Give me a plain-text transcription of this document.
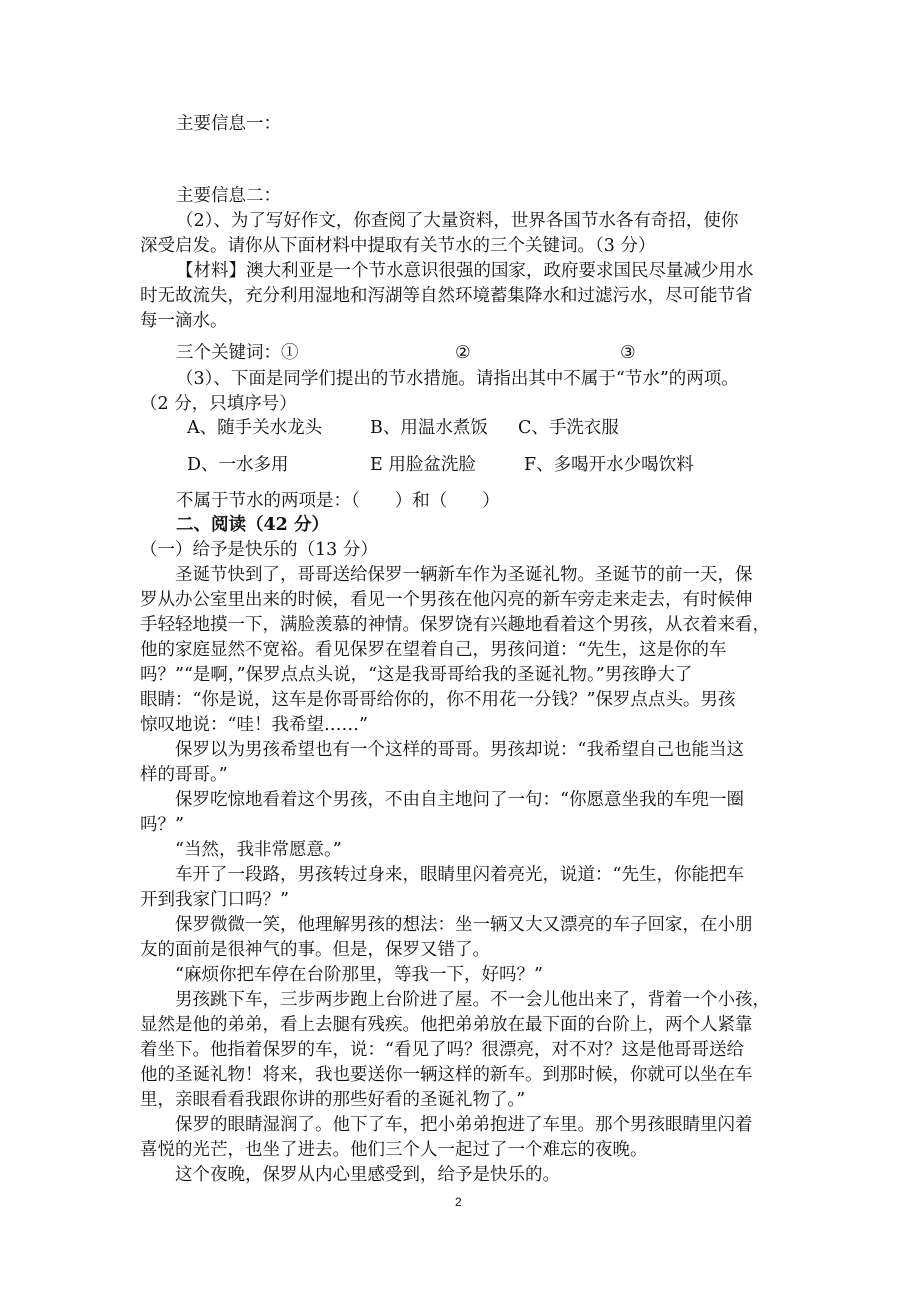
主要信息一：
主要信息二：
（2）、为了写好作文，你查阅了大量资料，世界各国节水各有奇招，使你
深受启发。请你从下面材料中提取有关节水的三个关键词。（3 分）
【材料】澳大利亚是一个节水意识很强的国家，政府要求国民尽量减少用水
时无故流失，充分利用湿地和泻湖等自然环境蓄集降水和过滤污水，尽可能节省
每一滴水。
三个关键词：①	②	③
（3）、下面是同学们提出的节水措施。请指出其中不属于“节水”的两项。
（2 分，只填序号）
A、随手关水龙头	B、用温水煮饭 C、手洗衣服
D、一水多用	E 用脸盆洗脸	F、多喝开水少喝饮料
不属于节水的两项是：（　　）和（　　）
二、阅读（42 分）
（一）给予是快乐的（13 分）
　　圣诞节快到了，哥哥送给保罗一辆新车作为圣诞礼物。圣诞节的前一天，保
罗从办公室里出来的时候，看见一个男孩在他闪亮的新车旁走来走去，有时候伸
手轻轻地摸一下，满脸羡慕的神情。保罗饶有兴趣地看着这个男孩，从衣着来看，
他的家庭显然不宽裕。看见保罗在望着自己，男孩问道：“先生，这是你的车
吗？”“是啊，”保罗点点头说，“这是我哥哥给我的圣诞礼物。”男孩睁大了
眼睛：“你是说，这车是你哥哥给你的，你不用花一分钱？”保罗点点头。男孩
惊叹地说：“哇！我希望……”
　　保罗以为男孩希望也有一个这样的哥哥。男孩却说：“我希望自己也能当这
样的哥哥。”
　　保罗吃惊地看着这个男孩，不由自主地问了一句：“你愿意坐我的车兜一圈
吗？”
　　“当然，我非常愿意。”
　　车开了一段路，男孩转过身来，眼睛里闪着亮光，说道：“先生，你能把车
开到我家门口吗？”
　　保罗微微一笑，他理解男孩的想法：坐一辆又大又漂亮的车子回家，在小朋
友的面前是很神气的事。但是，保罗又错了。
　　“麻烦你把车停在台阶那里，等我一下，好吗？”
　　男孩跳下车，三步两步跑上台阶进了屋。不一会儿他出来了，背着一个小孩，
显然是他的弟弟，看上去腿有残疾。他把弟弟放在最下面的台阶上，两个人紧靠
着坐下。他指着保罗的车，说：“看见了吗？很漂亮，对不对？这是他哥哥送给
他的圣诞礼物！将来，我也要送你一辆这样的新车。到那时候，你就可以坐在车
里，亲眼看看我跟你讲的那些好看的圣诞礼物了。”
　　保罗的眼睛湿润了。他下了车，把小弟弟抱进了车里。那个男孩眼睛里闪着
喜悦的光芒，也坐了进去。他们三个人一起过了一个难忘的夜晚。
　　这个夜晚，保罗从内心里感受到，给予是快乐的。
2
